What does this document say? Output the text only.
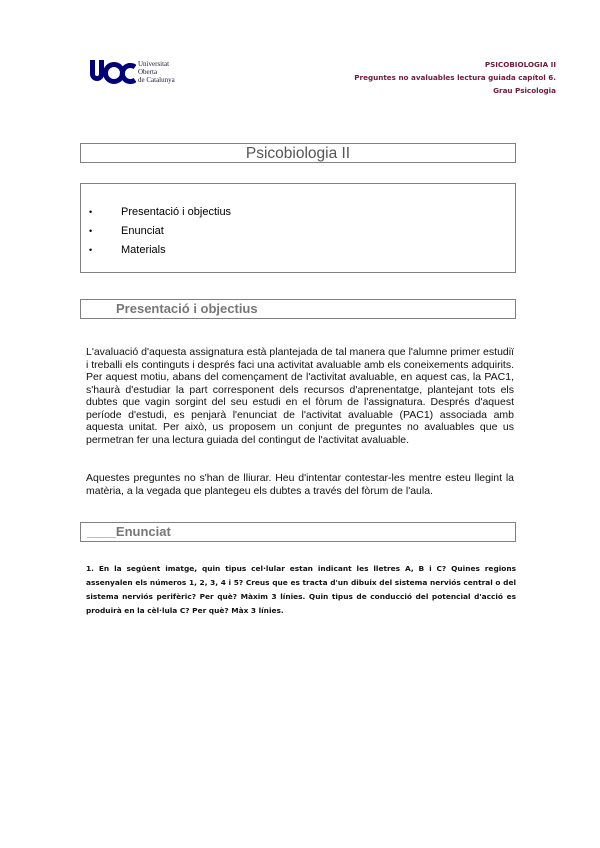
Universitat
Oberta
de Catalunya
PSICOBIOLOGIA II
Preguntes no avaluables lectura guiada capítol 6.
Grau Psicologia
Psicobiologia II
•	Presentació i objectius
•	Enunciat
•	Materials
Presentació i objectius

L'avaluació d'aquesta assignatura està plantejada de tal manera que l'alumne primer estudiï i treballi els continguts i després faci una activitat avaluable amb els coneixements adquirits. Per aquest motiu, abans del començament de l'activitat avaluable, en aquest cas, la PAC1, s'haurà d'estudiar la part corresponent dels recursos d'aprenentatge, plantejant tots els dubtes que vagin sorgint del seu estudi en el fòrum de l'assignatura. Després d'aquest període d'estudi, es penjarà l'enunciat de l'activitat avaluable (PAC1) associada amb aquesta unitat. Per això, us proposem un conjunt de preguntes no avaluables que us permetran fer una lectura guiada del contingut de l'activitat avaluable.

Aquestes preguntes no s'han de lliurar. Heu d'intentar contestar-les mentre esteu llegint la matèria, a la vegada que plantegeu els dubtes a través del fòrum de l'aula.

____Enunciat

1. En la següent imatge, quin tipus cel·lular estan indicant les lletres A, B i C? Quines regions assenyalen els números 1, 2, 3, 4 i 5? Creus que es tracta d'un dibuix del sistema nerviós central o del sistema nerviós perifèric? Per què? Màxim 3 línies. Quin tipus de conducció del potencial d'acció es produirà en la cèl·lula C? Per què? Màx 3 línies.
